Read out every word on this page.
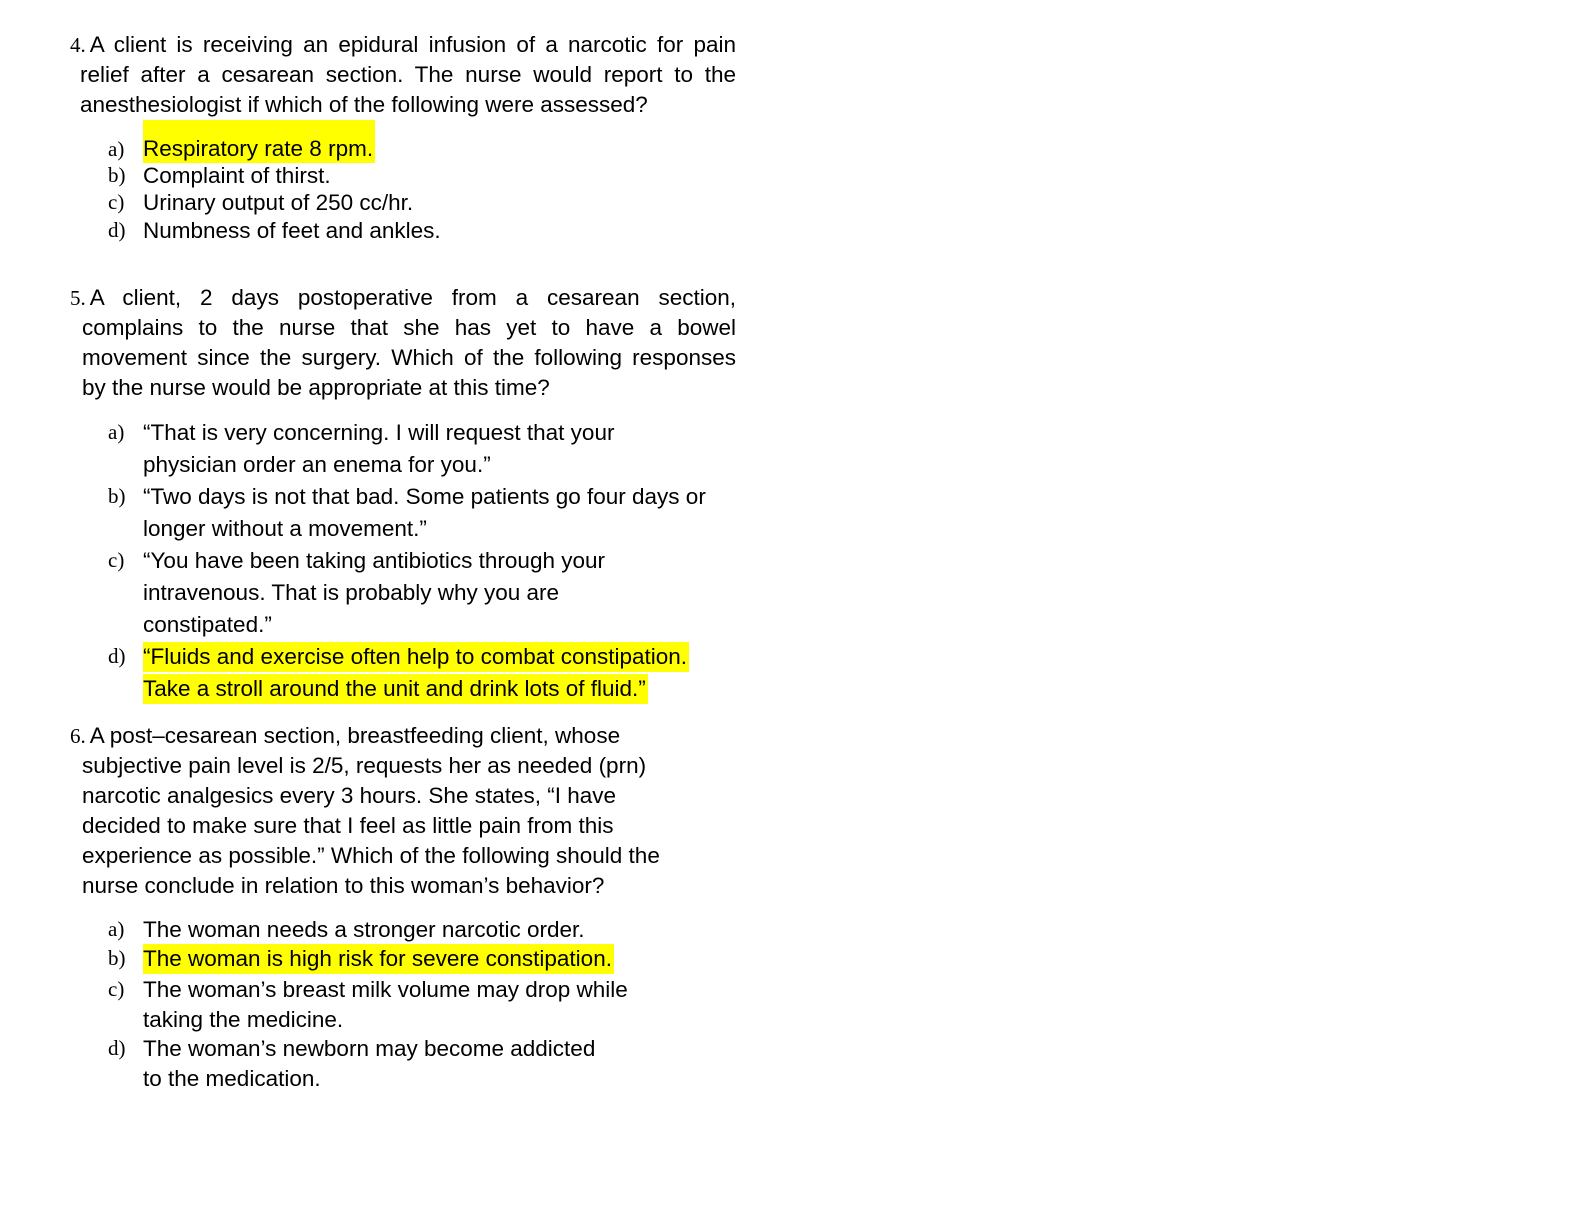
4. A client is receiving an epidural infusion of a narcotic for pain
relief after a cesarean section. The nurse would report to the
anesthesiologist if which of the following were assessed?
a) Respiratory rate 8 rpm.
b) Complaint of thirst.
c) Urinary output of 250 cc/hr.
d) Numbness of feet and ankles.
5. A client, 2 days postoperative from a cesarean section,
complains to the nurse that she has yet to have a bowel
movement since the surgery. Which of the following responses
by the nurse would be appropriate at this time?
a) “That is very concerning. I will request that your
physician order an enema for you.”
b) “Two days is not that bad. Some patients go four days or
longer without a movement.”
c) “You have been taking antibiotics through your
intravenous. That is probably why you are
constipated.”
d) “Fluids and exercise often help to combat constipation.
Take a stroll around the unit and drink lots of fluid.”
6. A post–cesarean section, breastfeeding client, whose
subjective pain level is 2/5, requests her as needed (prn)
narcotic analgesics every 3 hours. She states, “I have
decided to make sure that I feel as little pain from this
experience as possible.” Which of the following should the
nurse conclude in relation to this woman’s behavior?
a) The woman needs a stronger narcotic order.
b) The woman is high risk for severe constipation.
c) The woman’s breast milk volume may drop while
taking the medicine.
d) The woman’s newborn may become addicted
to the medication.
